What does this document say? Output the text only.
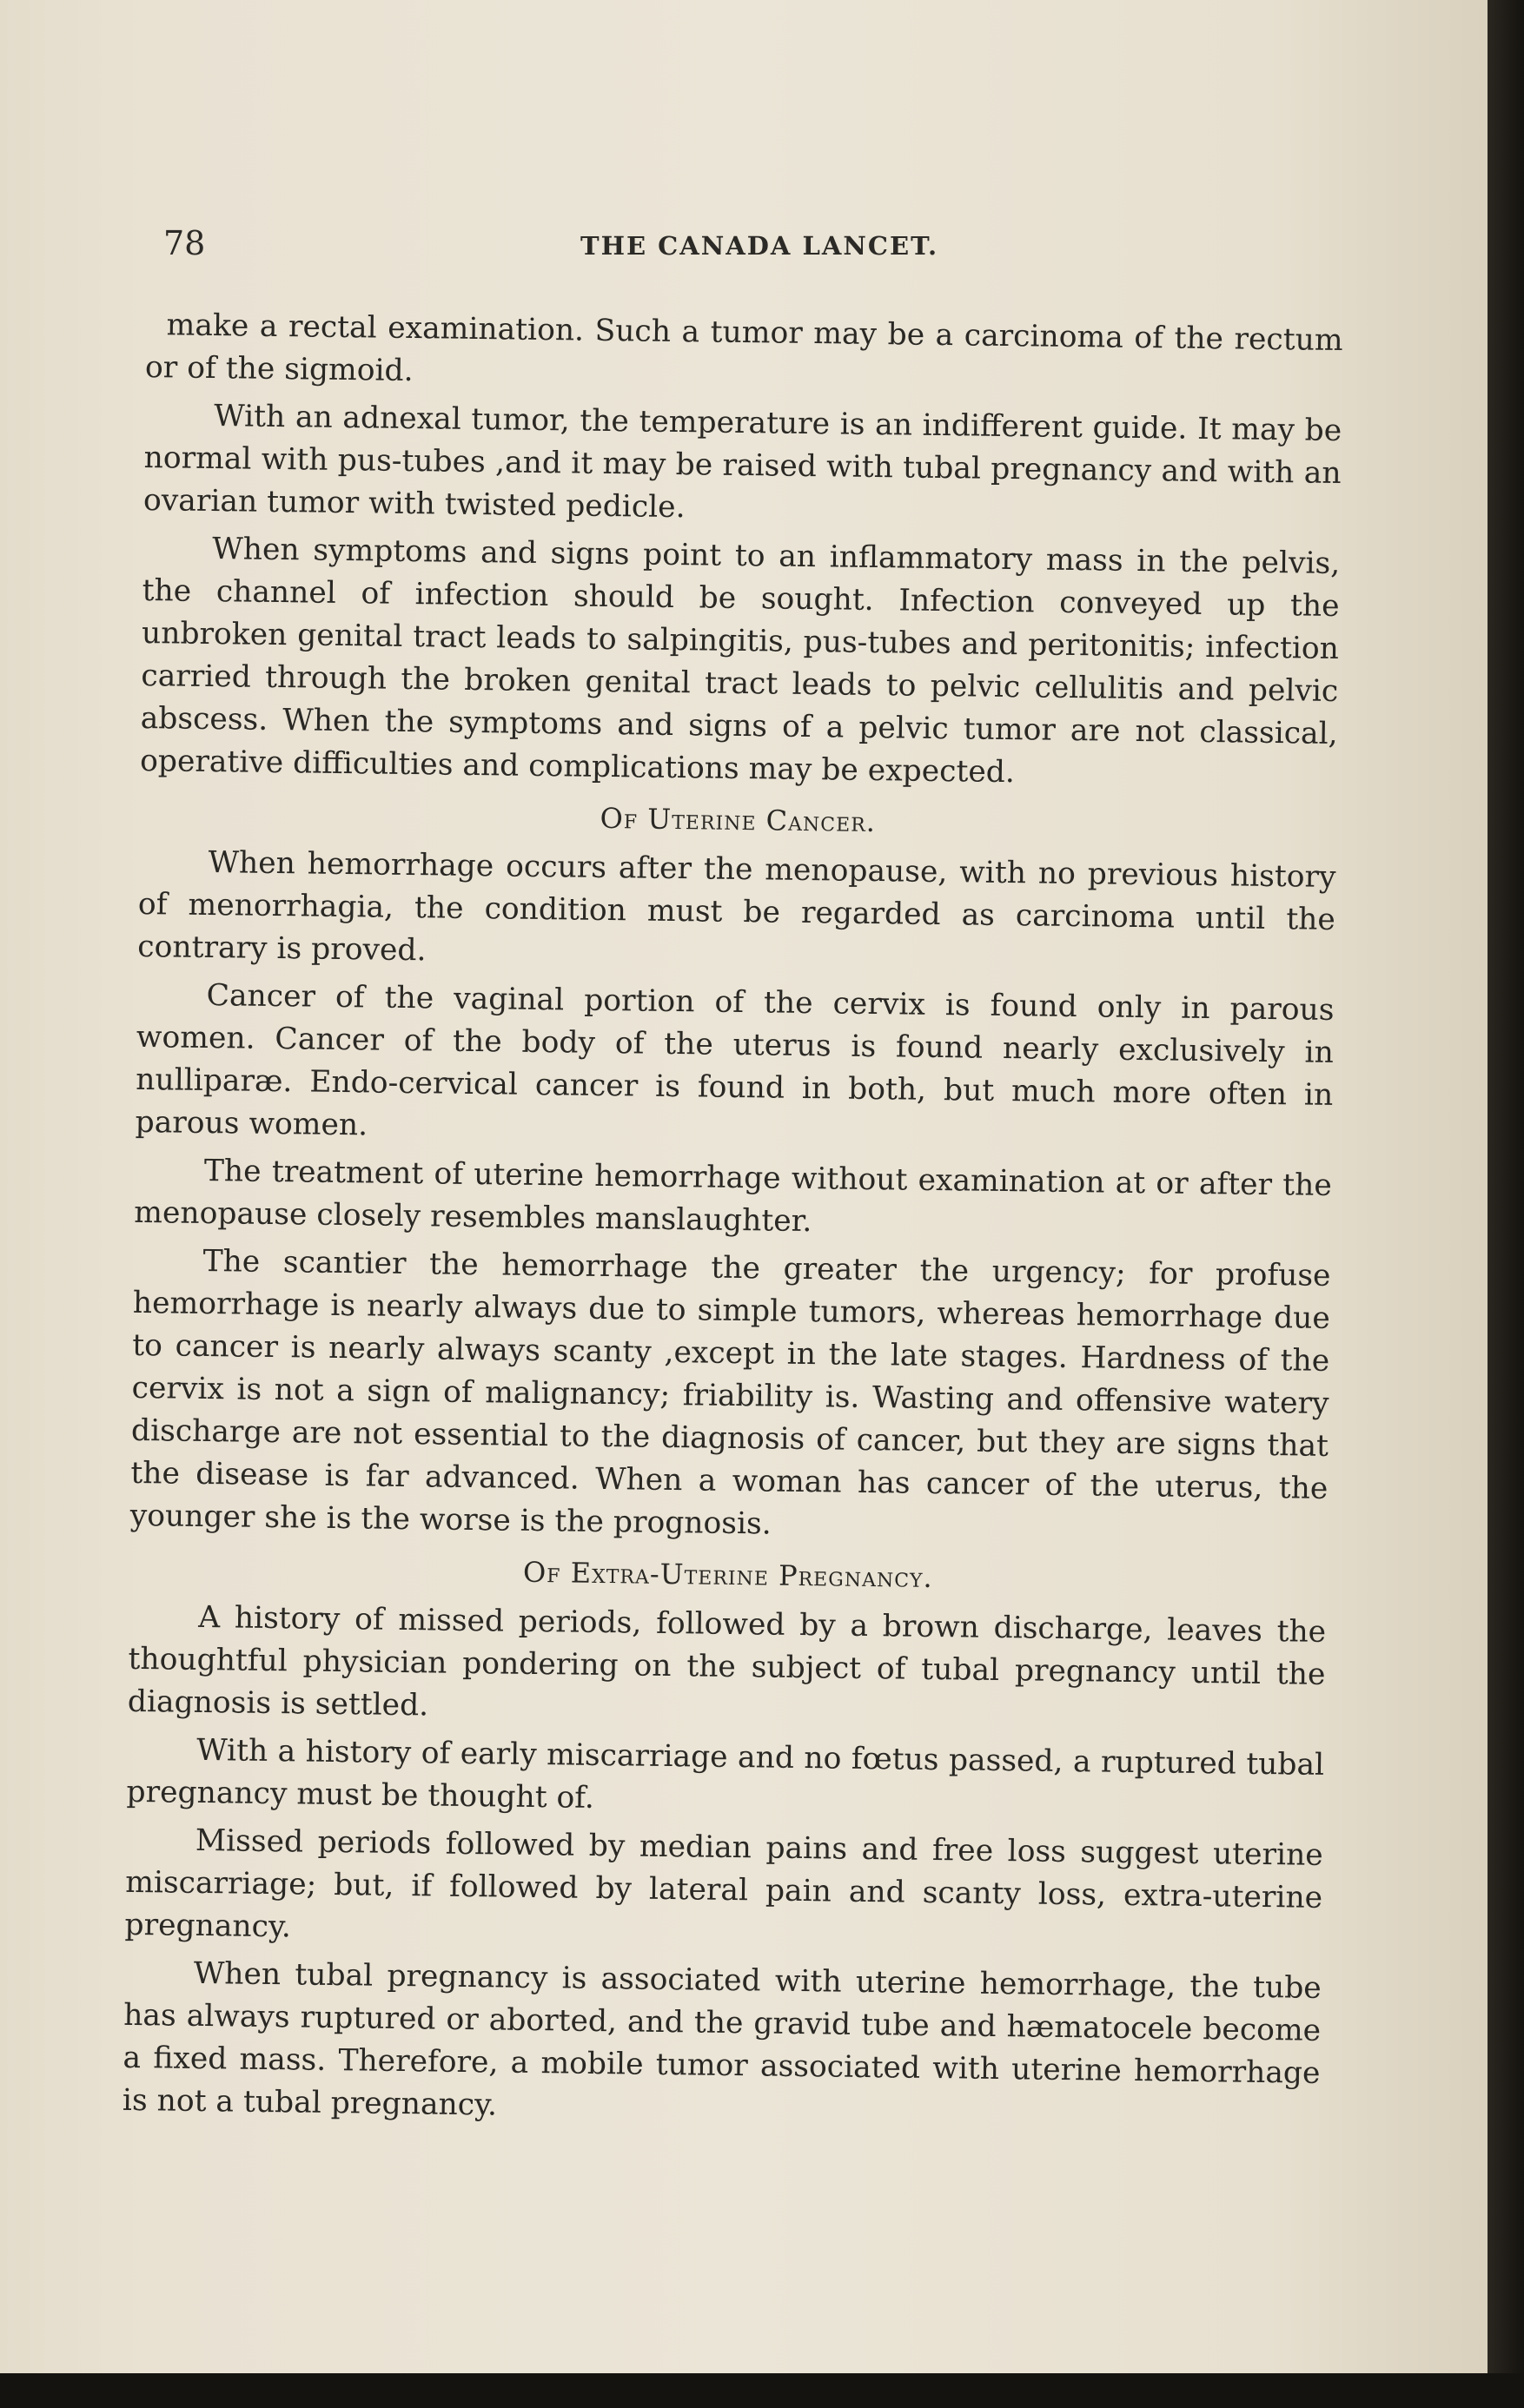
78	THE CANADA LANCET.

make a rectal examination. Such a tumor may be a carcinoma of the rectum or of the sigmoid.

With an adnexal tumor, the temperature is an indifferent guide. It may be normal with pus-tubes ,and it may be raised with tubal pregnancy and with an ovarian tumor with twisted pedicle.

When symptoms and signs point to an inflammatory mass in the pelvis, the channel of infection should be sought. Infection conveyed up the unbroken genital tract leads to salpingitis, pus-tubes and peritonitis; infection carried through the broken genital tract leads to pelvic cellulitis and pelvic abscess. When the symptoms and signs of a pelvic tumor are not classical, operative difficulties and complications may be expected.

Of Uterine Cancer.

When hemorrhage occurs after the menopause, with no previous history of menorrhagia, the condition must be regarded as carcinoma until the contrary is proved.

Cancer of the vaginal portion of the cervix is found only in parous women. Cancer of the body of the uterus is found nearly exclusively in nulliparæ. Endo-cervical cancer is found in both, but much more often in parous women.

The treatment of uterine hemorrhage without examination at or after the menopause closely resembles manslaughter.

The scantier the hemorrhage the greater the urgency; for profuse hemorrhage is nearly always due to simple tumors, whereas hemorrhage due to cancer is nearly always scanty ,except in the late stages. Hardness of the cervix is not a sign of malignancy; friability is. Wasting and offensive watery discharge are not essential to the diagnosis of cancer, but they are signs that the disease is far advanced. When a woman has cancer of the uterus, the younger she is the worse is the prognosis.

Of Extra-Uterine Pregnancy.

A history of missed periods, followed by a brown discharge, leaves the thoughtful physician pondering on the subject of tubal pregnancy until the diagnosis is settled.

With a history of early miscarriage and no fœtus passed, a ruptured tubal pregnancy must be thought of.

Missed periods followed by median pains and free loss suggest uterine miscarriage; but, if followed by lateral pain and scanty loss, extra-uterine pregnancy.

When tubal pregnancy is associated with uterine hemorrhage, the tube has always ruptured or aborted, and the gravid tube and hæmatocele become a fixed mass. Therefore, a mobile tumor associated with uterine hemorrhage is not a tubal pregnancy.
